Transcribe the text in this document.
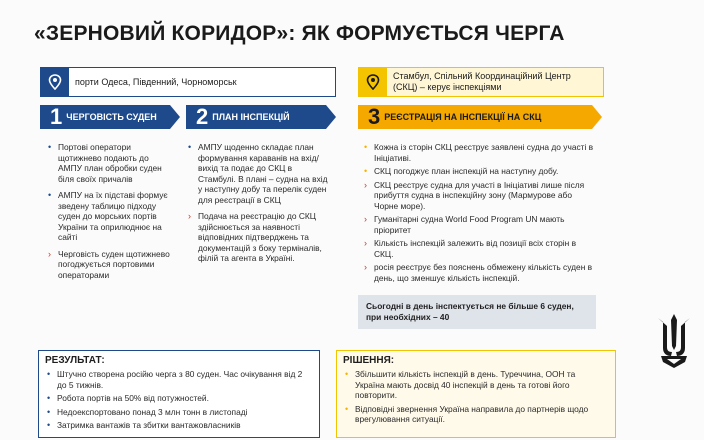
«ЗЕРНОВИЙ КОРИДОР»: ЯК ФОРМУЄТЬСЯ ЧЕРГА
порти Одеса, Південний, Чорноморськ
Стамбул, Спільний Координаційний Центр
(СКЦ) – керує інспекціями
1 ЧЕРГОВІСТЬ СУДЕН	2 ПЛАН ІНСПЕКЦІЙ	3 РЕЄСТРАЦІЯ НА ІНСПЕКЦІЇ НА СКЦ
• Портові оператори щотижнево подають до АМПУ план обробки суден біля своїх причалів
• АМПУ на їх підставі формує зведену таблицю підходу суден до морських портів України та оприлюднює на сайті
› Черговість суден щотижнево погоджується портовими операторами
• АМПУ щоденно складає план формування караванів на вхід/вихід та подає до СКЦ в Стамбулі. В плані – судна на вхід у наступну добу та перелік суден для реєстрації в СКЦ
› Подача на реєстрацію до СКЦ здійснюється за наявності відповідних підтверджень та документацій з боку терміналів, філій та агента в Україні.
• Кожна із сторін СКЦ реєструє заявлені судна до участі в Ініціативі.
• СКЦ погоджує план інспекцій на наступну добу.
› СКЦ реєструє судна для участі в Ініціативі лише після прибуття судна в інспекційну зону (Мармурове або Чорне море).
› Гуманітарні судна World Food Program UN мають пріоритет
› Кількість інспекцій залежить від позиції всіх сторін в СКЦ.
› росія реєструє без пояснень обмежену кількість суден в день, що зменшує кількість інспекцій.
Сьогодні в день інспектується не більше 6 суден,
при необхідних – 40
РЕЗУЛЬТАТ:
• Штучно створена російю черга з 80 суден. Час очікування від 2 до 5 тижнів.
• Робота портів на 50% від потужностей.
• Недоекспортовано понад 3 млн тонн в листопаді
• Затримка вантажів та збитки вантажовласників
РІШЕННЯ:
• Збільшити кількість інспекцій в день. Туреччина, ООН та Україна мають досвід 40 інспекцій в день та готові його повторити.
• Відповідні звернення Україна направила до партнерів щодо врегулювання ситуації.
